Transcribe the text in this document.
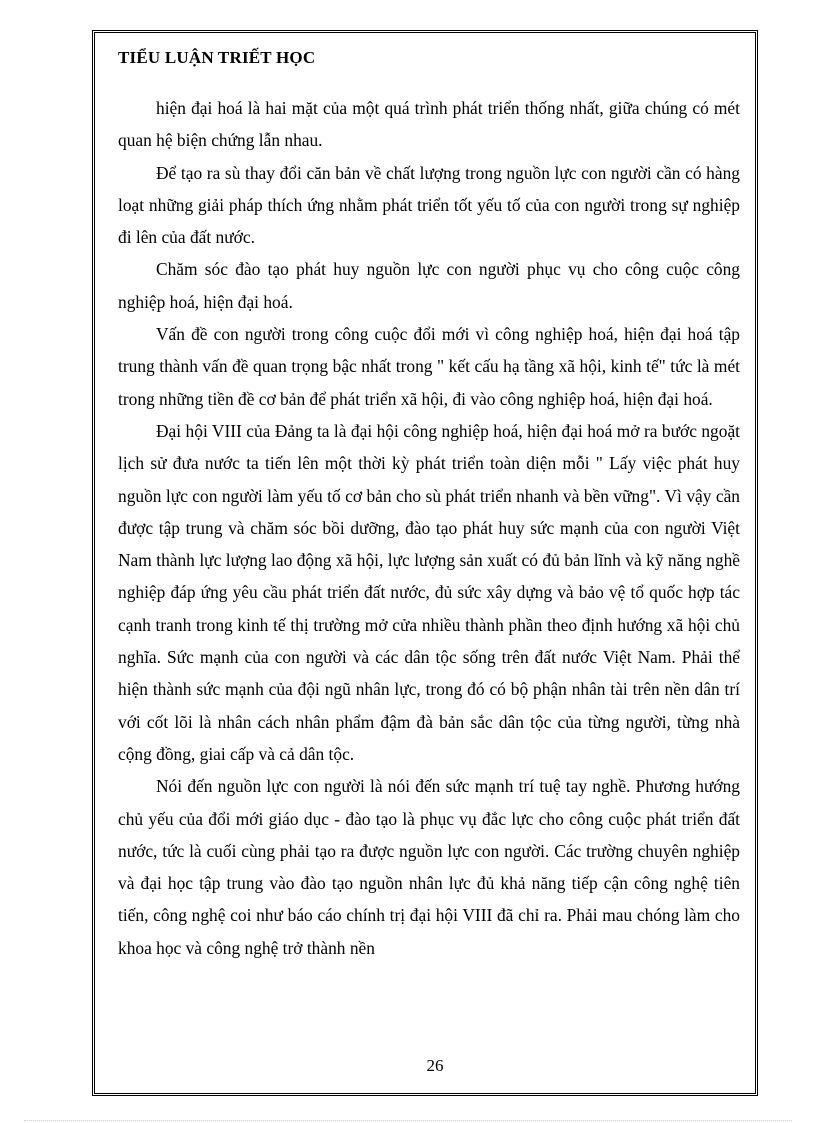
TIỂU LUẬN TRIẾT HỌC

hiện đại hoá là hai mặt của một quá trình phát triển thống nhất, giữa chúng có mét quan hệ biện chứng lẫn nhau.

Để tạo ra sù thay đổi căn bản về chất lượng trong nguồn lực con người cần có hàng loạt những giải pháp thích ứng nhằm phát triển tốt yếu tố của con người trong sự nghiệp đi lên của đất nước.

Chăm sóc đào tạo phát huy nguồn lực con người phục vụ cho công cuộc công nghiệp hoá, hiện đại hoá.

Vấn đề con người trong công cuộc đổi mới vì công nghiệp hoá, hiện đại hoá tập trung thành vấn đề quan trọng bậc nhất trong " kết cấu hạ tầng xã hội, kinh tế" tức là mét trong những tiền đề cơ bản để phát triển xã hội, đi vào công nghiệp hoá, hiện đại hoá.

Đại hội VIII của Đảng ta là đại hội công nghiệp hoá, hiện đại hoá mở ra bước ngoặt lịch sử đưa nước ta tiến lên một thời kỳ phát triển toàn diện mỗi " Lấy việc phát huy nguồn lực con người làm yếu tố cơ bản cho sù phát triển nhanh và bền vững". Vì vậy cần được tập trung và chăm sóc bồi dưỡng, đào tạo phát huy sức mạnh của con người Việt Nam thành lực lượng lao động xã hội, lực lượng sản xuất có đủ bản lĩnh và kỹ năng nghề nghiệp đáp ứng yêu cầu phát triển đất nước, đủ sức xây dựng và bảo vệ tổ quốc hợp tác cạnh tranh trong kinh tế thị trường mở cửa nhiều thành phần theo định hướng xã hội chủ nghĩa. Sức mạnh của con người và các dân tộc sống trên đất nước Việt Nam. Phải thể hiện thành sức mạnh của đội ngũ nhân lực, trong đó có bộ phận nhân tài trên nền dân trí với cốt lõi là nhân cách nhân phẩm đậm đà bản sắc dân tộc của từng người, từng nhà cộng đồng, giai cấp và cả dân tộc.

Nói đến nguồn lực con người là nói đến sức mạnh trí tuệ tay nghề. Phương hướng chủ yếu của đổi mới giáo dục - đào tạo là phục vụ đắc lực cho công cuộc phát triển đất nước, tức là cuối cùng phải tạo ra được nguồn lực con người. Các trường chuyên nghiệp và đại học tập trung vào đào tạo nguồn nhân lực đủ khả năng tiếp cận công nghệ tiên tiến, công nghệ coi như báo cáo chính trị đại hội VIII đã chỉ ra. Phải mau chóng làm cho khoa học và công nghệ trở thành nền

26
